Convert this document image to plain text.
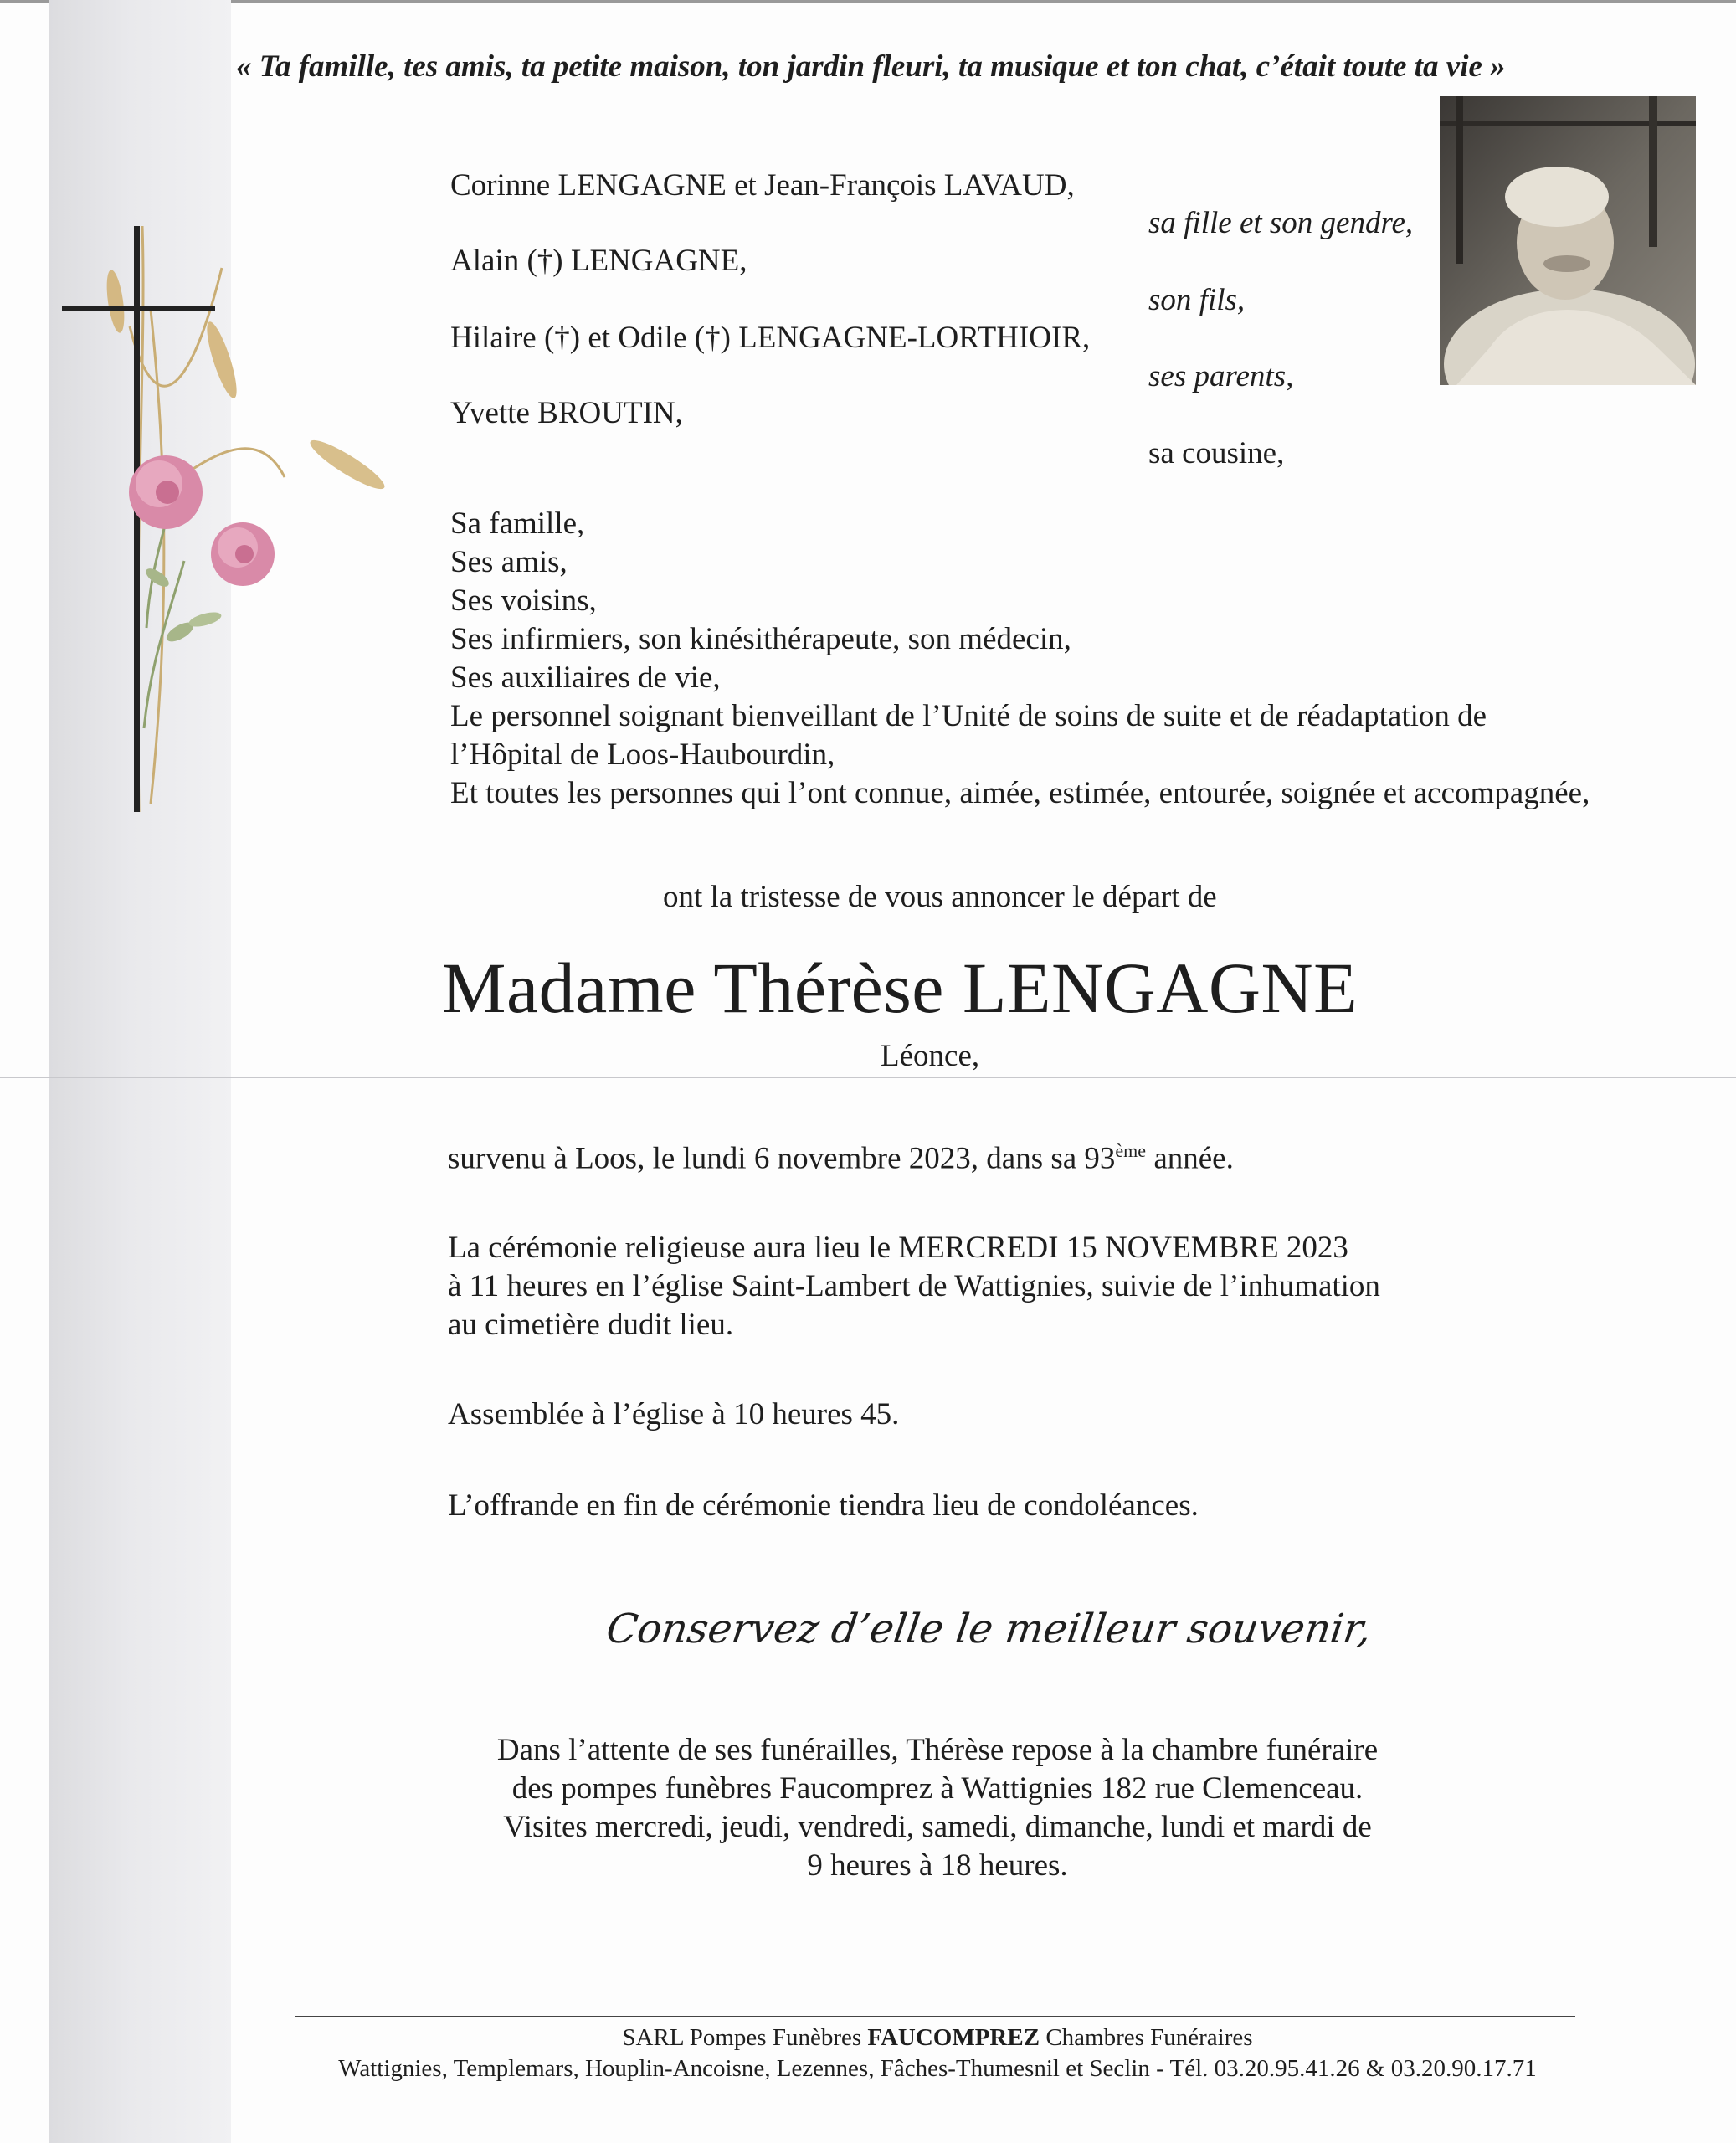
« Ta famille, tes amis, ta petite maison, ton jardin fleuri, ta musique et ton chat, c’était toute ta vie »
Corinne LENGAGNE et Jean-François LAVAUD,
sa fille et son gendre,
Alain (†) LENGAGNE,
son fils,
Hilaire (†) et Odile (†) LENGAGNE-LORTHIOIR,
ses parents,
Yvette BROUTIN,
sa cousine,

Sa famille,

Ses amis,

Ses voisins,

Ses infirmiers, son kinésithérapeute, son médecin,

Ses auxiliaires de vie,

Le personnel soignant bienveillant de l’Unité de soins de suite et de réadaptation de

l’Hôpital de Loos-Haubourdin,

Et toutes les personnes qui l’ont connue, aimée, estimée, entourée, soignée et accompagnée,

ont la tristesse de vous annoncer le départ de
Madame Thérèse LENGAGNE
Léonce,
survenu à Loos, le lundi 6 novembre 2023, dans sa 93ème année.

La cérémonie religieuse aura lieu le MERCREDI 15 NOVEMBRE 2023

à 11 heures en l’église Saint-Lambert de Wattignies, suivie de l’inhumation

au cimetière dudit lieu.

Assemblée à l’église à 10 heures 45.
L’offrande en fin de cérémonie tiendra lieu de condoléances.
Conservez d’elle le meilleur souvenir,

Dans l’attente de ses funérailles, Thérèse repose à la chambre funéraire

des pompes funèbres Faucomprez à Wattignies 182 rue Clemenceau.

Visites mercredi, jeudi, vendredi, samedi, dimanche, lundi et mardi de

9 heures à 18 heures.

SARL Pompes Funèbres FAUCOMPREZ Chambres Funéraires
Wattignies, Templemars, Houplin-Ancoisne, Lezennes, Fâches-Thumesnil et Seclin - Tél. 03.20.95.41.26 & 03.20.90.17.71
